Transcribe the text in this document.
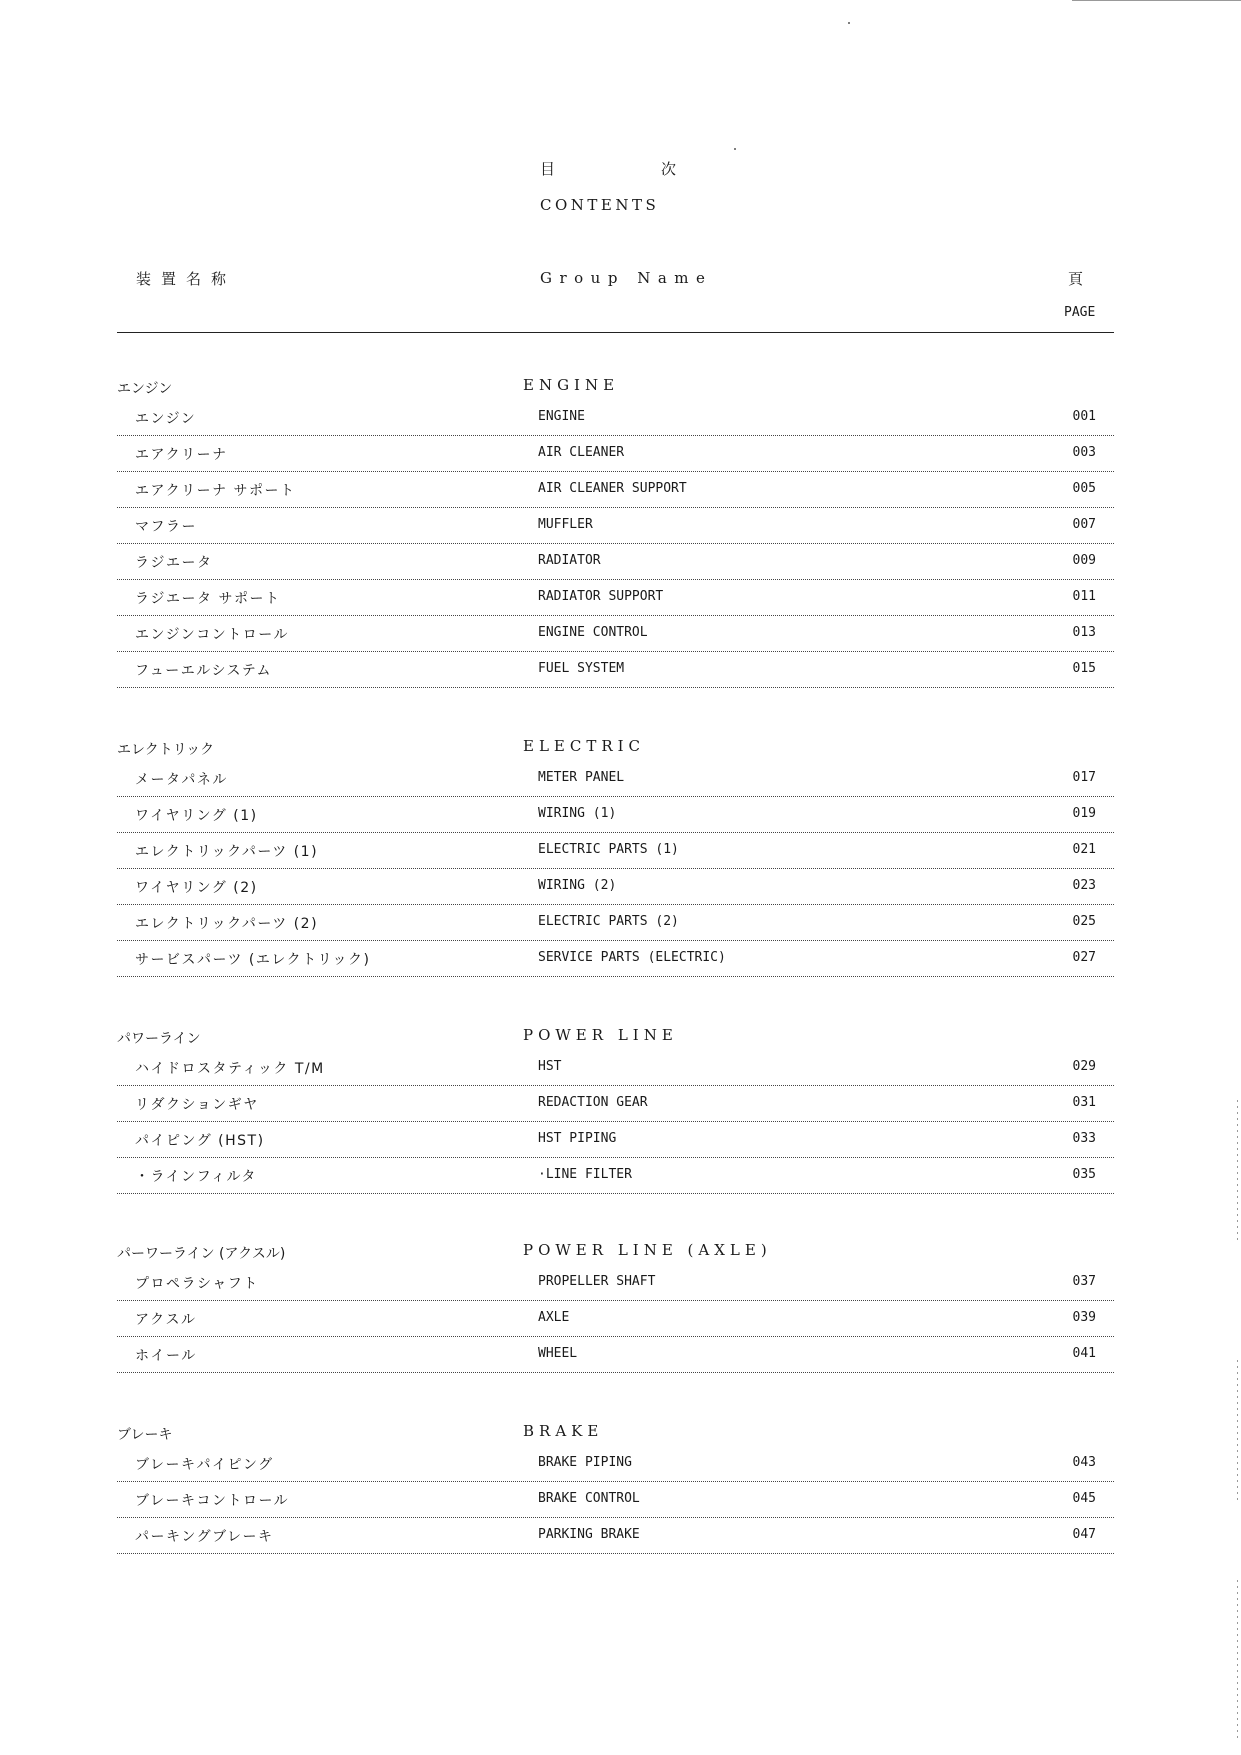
目	次
CONTENTS
装置名称	Group Name	頁
PAGE
エンジン	ENGINE
エンジン	ENGINE	001
エアクリーナ	AIR CLEANER	003
エアクリーナ サポート	AIR CLEANER SUPPORT	005
マフラー	MUFFLER	007
ラジエータ	RADIATOR	009
ラジエータ サポート	RADIATOR SUPPORT	011
エンジンコントロール	ENGINE CONTROL	013
フューエルシステム	FUEL SYSTEM	015
エレクトリック	ELECTRIC
メータパネル	METER PANEL	017
ワイヤリング (1)	WIRING (1)	019
エレクトリックパーツ (1)	ELECTRIC PARTS (1)	021
ワイヤリング (2)	WIRING (2)	023
エレクトリックパーツ (2)	ELECTRIC PARTS (2)	025
サービスパーツ (エレクトリック)	SERVICE PARTS (ELECTRIC)	027
パワーライン	POWER LINE
ハイドロスタティック T/M	HST	029
リダクションギヤ	REDACTION GEAR	031
パイピング (HST)	HST PIPING	033
・ラインフィルタ	·LINE FILTER	035
パーワーライン (アクスル)	POWER LINE (AXLE)
プロペラシャフト	PROPELLER SHAFT	037
アクスル	AXLE	039
ホイール	WHEEL	041
ブレーキ	BRAKE
ブレーキパイピング	BRAKE PIPING	043
ブレーキコントロール	BRAKE CONTROL	045
パーキングブレーキ	PARKING BRAKE	047
